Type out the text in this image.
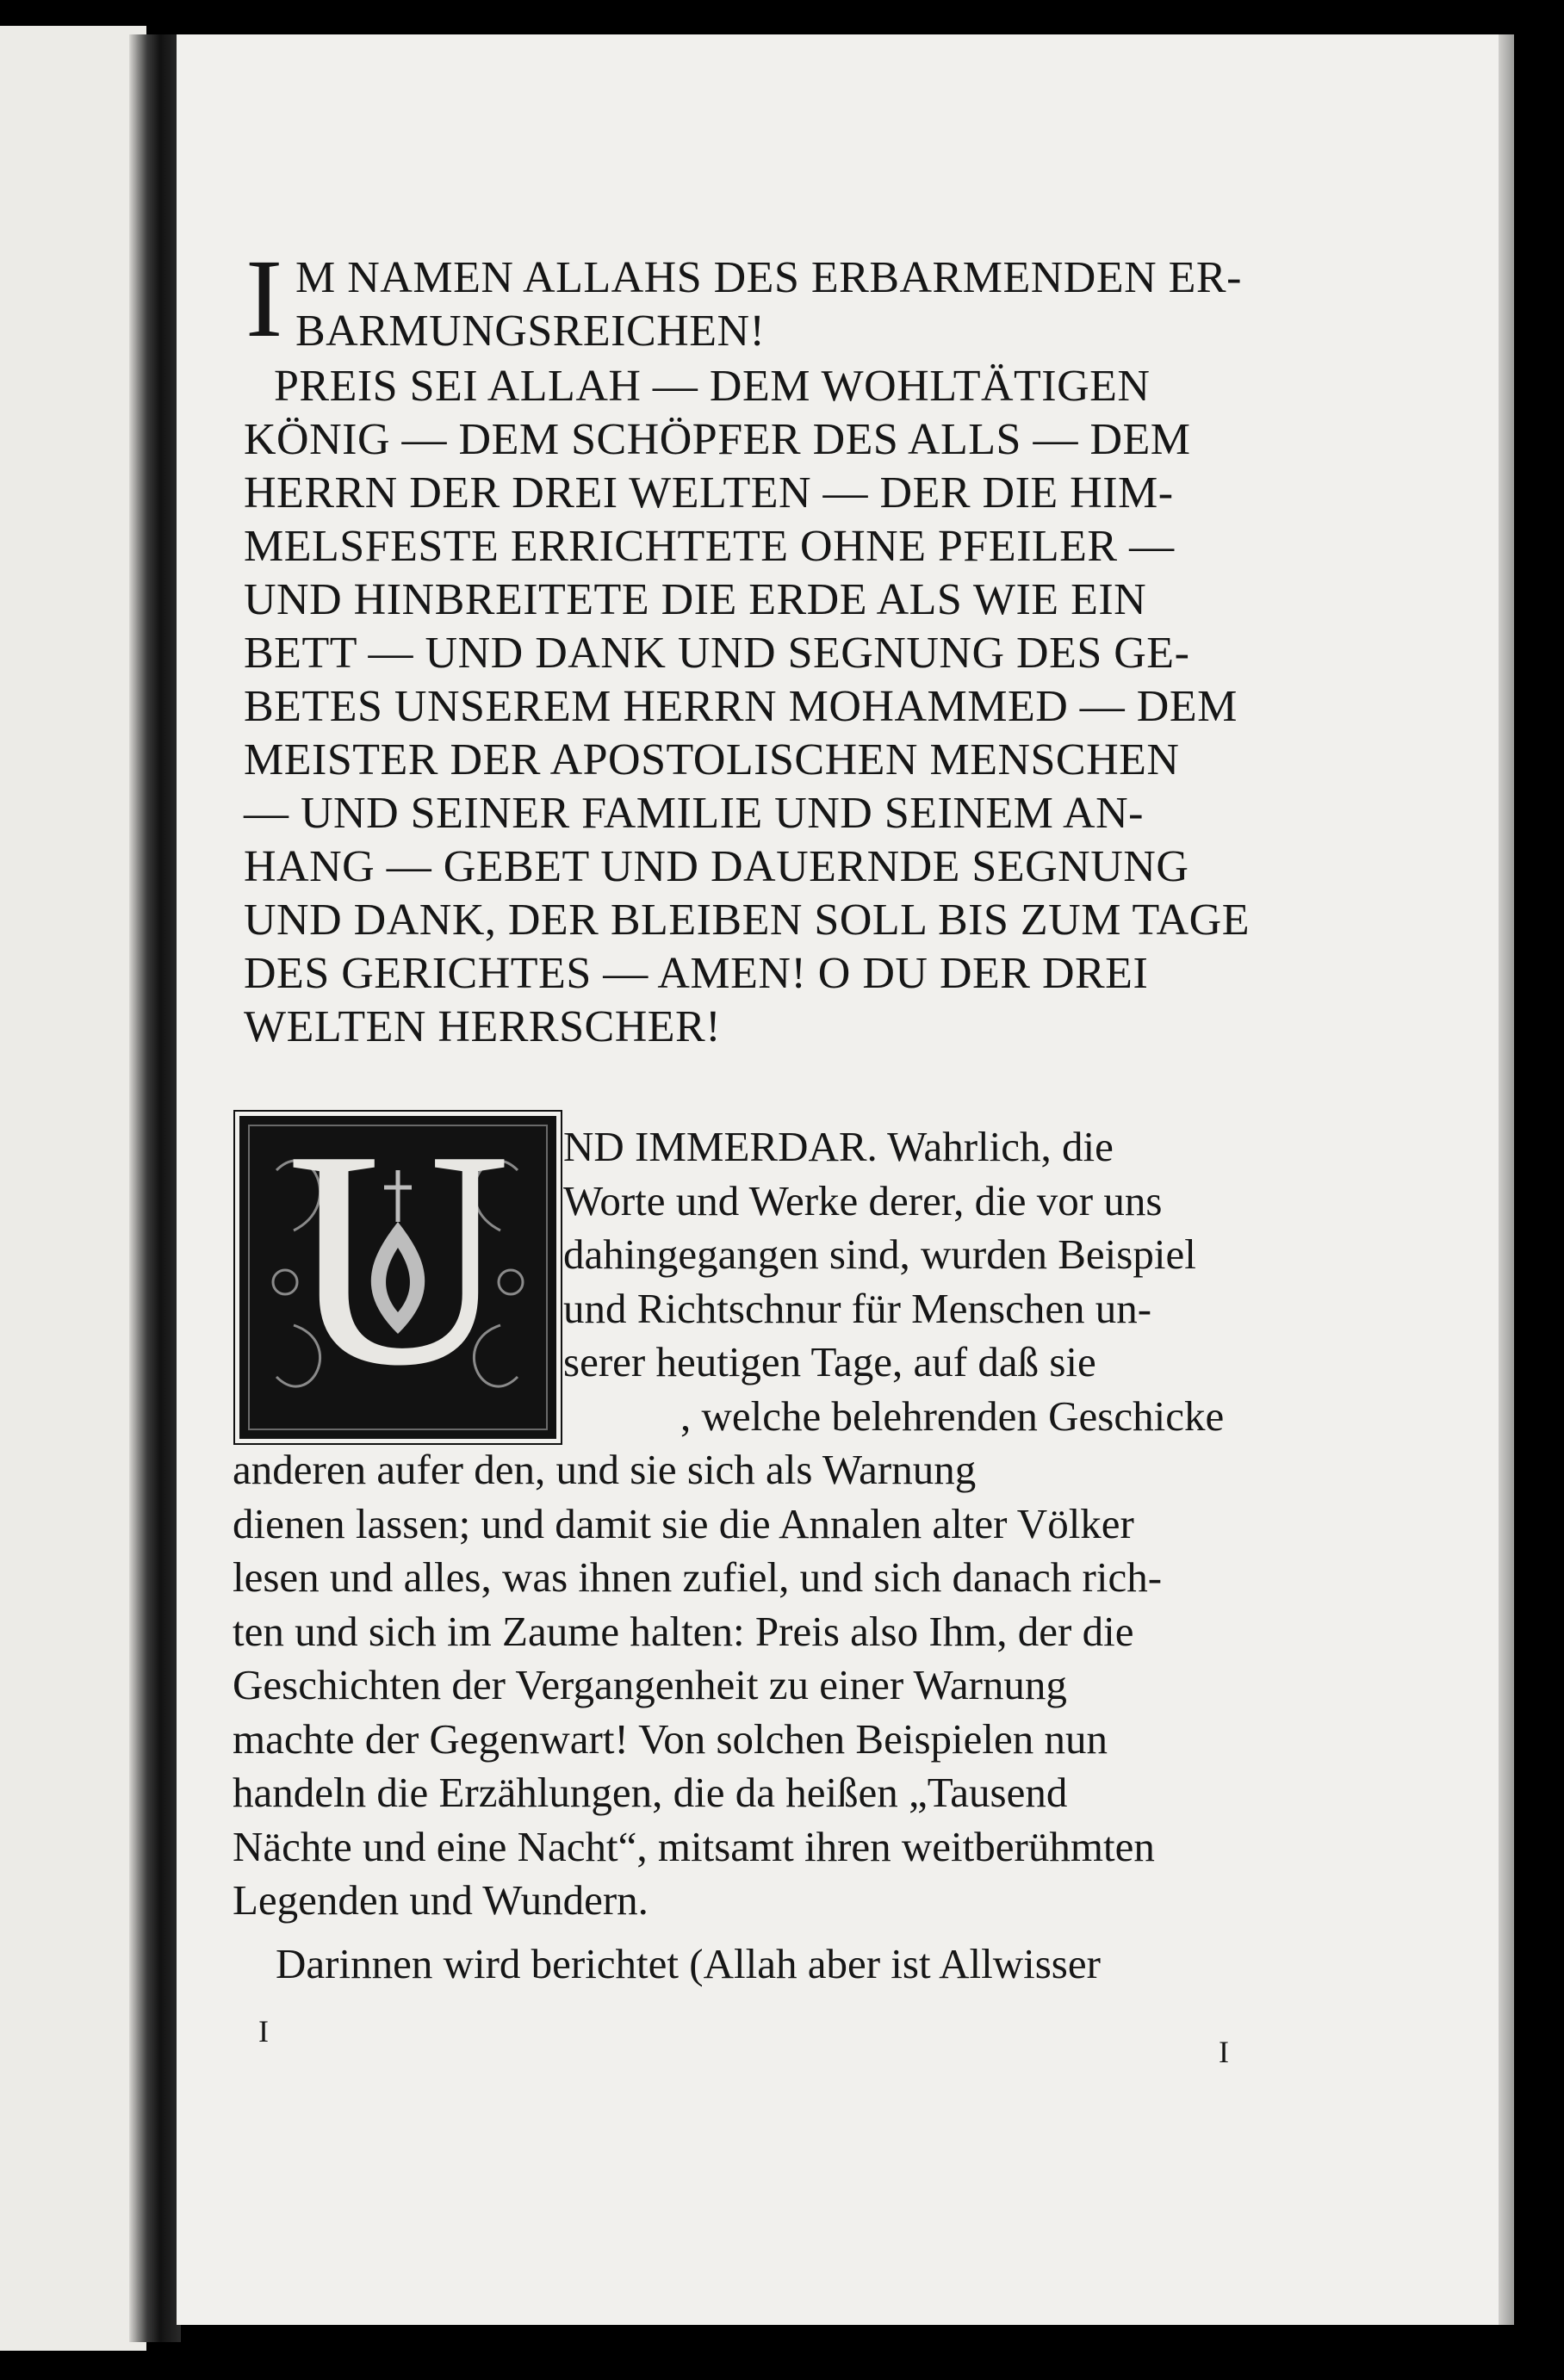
I M NAMEN ALLAHS DES ERBARMENDEN ER-
BARMUNGSREICHEN!
PREIS SEI ALLAH — DEM WOHLTÄTIGEN
KÖNIG — DEM SCHÖPFER DES ALLS — DEM
HERRN DER DREI WELTEN — DER DIE HIM-
MELSFESTE ERRICHTETE OHNE PFEILER —
UND HINBREITETE DIE ERDE ALS WIE EIN
BETT — UND DANK UND SEGNUNG DES GE-
BETES UNSEREM HERRN MOHAMMED — DEM
MEISTER DER APOSTOLISCHEN MENSCHEN
— UND SEINER FAMILIE UND SEINEM AN-
HANG — GEBET UND DAUERNDE SEGNUNG
UND DANK, DER BLEIBEN SOLL BIS ZUM TAGE
DES GERICHTES — AMEN! O DU DER DREI
WELTEN HERRSCHER!
U ND IMMERDAR. Wahrlich, die
Worte und Werke derer, die vor uns
dahingegangen sind, wurden Beispiel
und Richtschnur für Menschen un-
serer heutigen Tage, auf daß sie
, welche belehrenden Geschicke
anderen aufer den, und sie sich als Warnung
dienen lassen; und damit sie die Annalen alter Völker
lesen und alles, was ihnen zufiel, und sich danach rich-
ten und sich im Zaume halten: Preis also Ihm, der die
Geschichten der Vergangenheit zu einer Warnung
machte der Gegenwart! Von solchen Beispielen nun
handeln die Erzählungen, die da heißen „Tausend
Nächte und eine Nacht“, mitsamt ihren weitberühmten
Legenden und Wundern.
Darinnen wird berichtet (Allah aber ist Allwisser
I
I
